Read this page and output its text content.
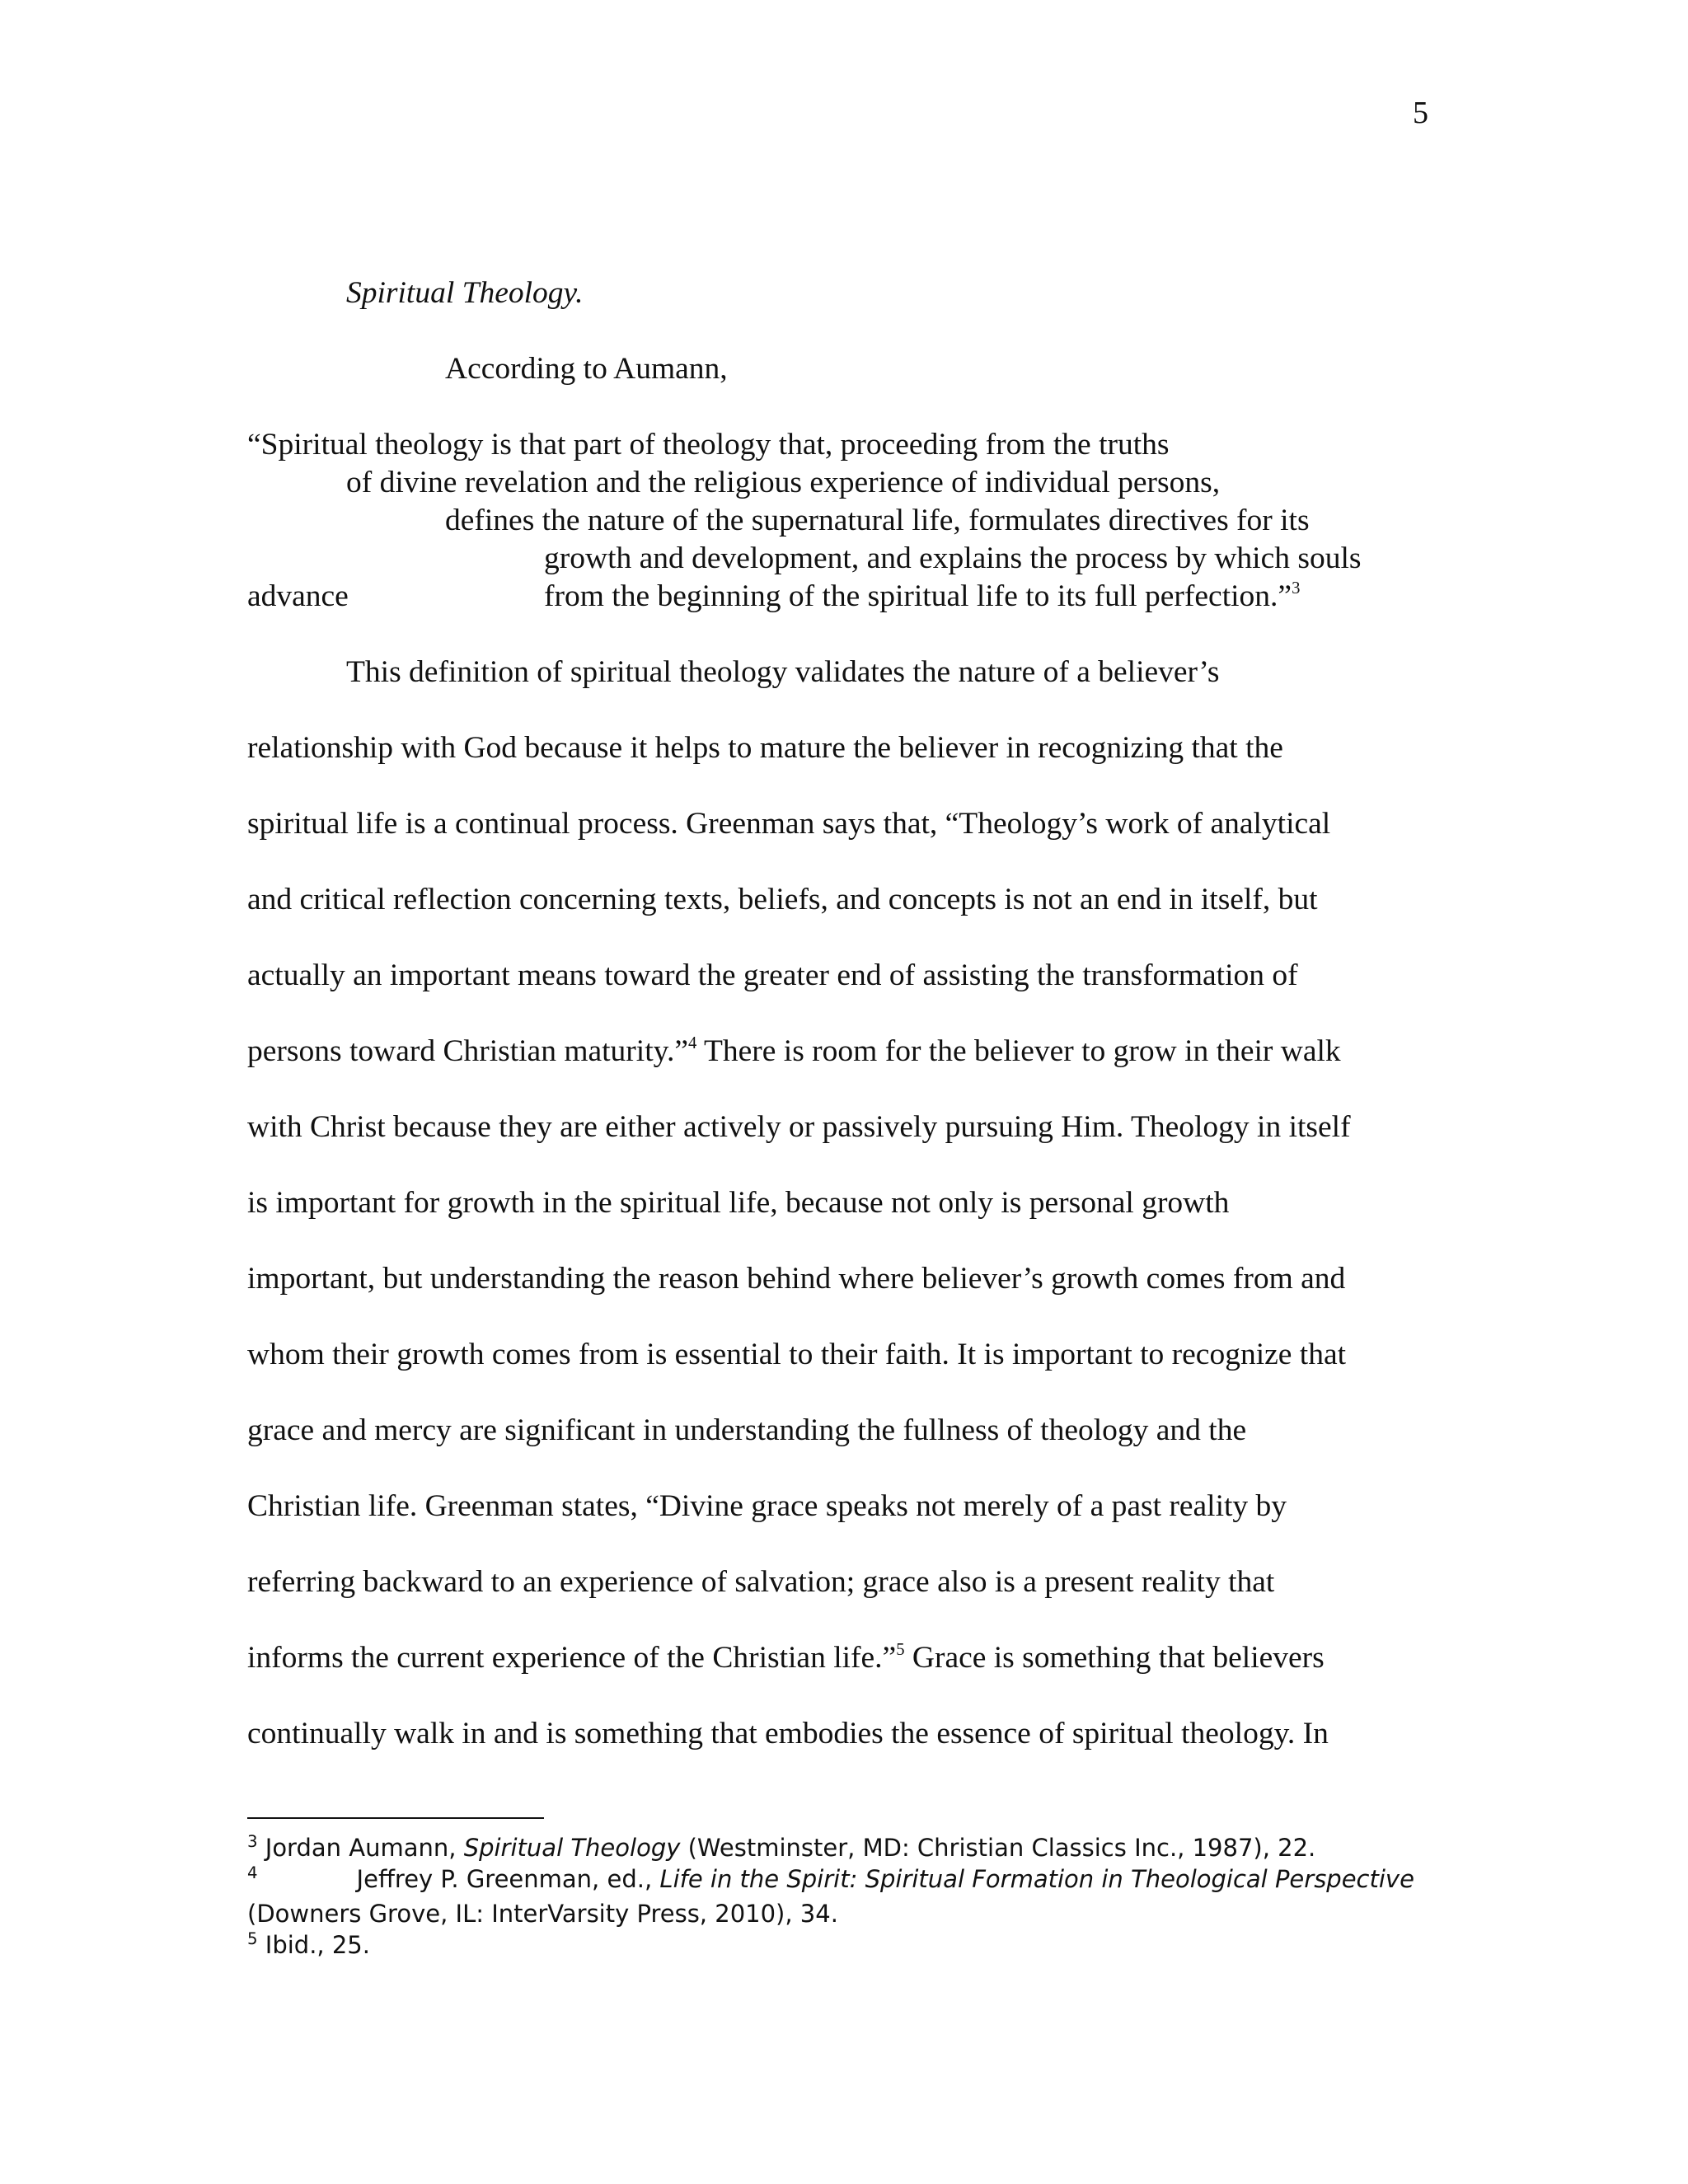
5
Spiritual Theology.
According to Aumann,
“Spiritual theology is that part of theology that, proceeding from the truths
of divine revelation and the religious experience of individual persons,
defines the nature of the supernatural life, formulates directives for its
growth and development, and explains the process by which souls
advance	from the beginning of the spiritual life to its full perfection.”$^3$
This definition of spiritual theology validates the nature of a believer’s
relationship with God because it helps to mature the believer in recognizing that the
spiritual life is a continual process. Greenman says that, “Theology’s work of analytical
and critical reflection concerning texts, beliefs, and concepts is not an end in itself, but
actually an important means toward the greater end of assisting the transformation of
persons toward Christian maturity.”$^4$ There is room for the believer to grow in their walk
with Christ because they are either actively or passively pursuing Him. Theology in itself
is important for growth in the spiritual life, because not only is personal growth
important, but understanding the reason behind where believer’s growth comes from and
whom their growth comes from is essential to their faith. It is important to recognize that
grace and mercy are significant in understanding the fullness of theology and the
Christian life. Greenman states, “Divine grace speaks not merely of a past reality by
referring backward to an experience of salvation; grace also is a present reality that
informs the current experience of the Christian life.”$^5$ Grace is something that believers
continually walk in and is something that embodies the essence of spiritual theology. In
$^3$ Jordan Aumann, Spiritual Theology (Westminster, MD: Christian Classics Inc., 1987), 22.
$^4$	Jeffrey P. Greenman, ed., Life in the Spirit: Spiritual Formation in Theological Perspective
(Downers Grove, IL: InterVarsity Press, 2010), 34.
$^5$ Ibid., 25.
